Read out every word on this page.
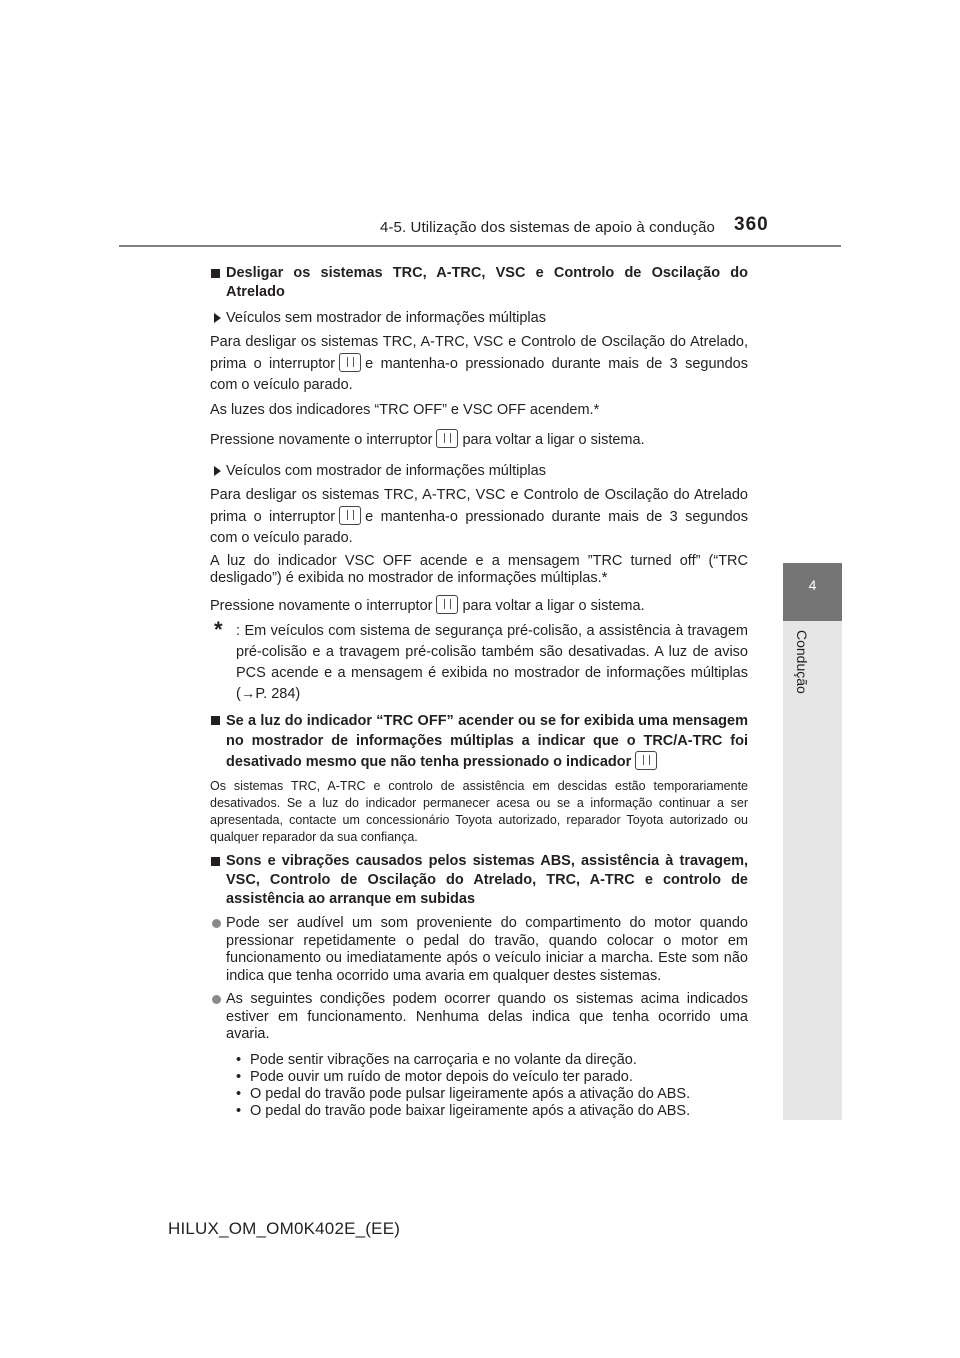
4-5. Utilização dos sistemas de apoio à condução 360
4
Condução
Desligar os sistemas TRC, A-TRC, VSC e Controlo de Oscilação do Atrelado
Veículos sem mostrador de informações múltiplas
Para desligar os sistemas TRC, A-TRC, VSC e Controlo de Oscilação do Atrelado, prima o interruptor e mantenha-o pressionado durante mais de 3 segundos com o veículo parado.
As luzes dos indicadores “TRC OFF” e VSC OFF acendem.*
Pressione novamente o interruptor para voltar a ligar o sistema.
Veículos com mostrador de informações múltiplas
Para desligar os sistemas TRC, A-TRC, VSC e Controlo de Oscilação do Atrelado prima o interruptor e mantenha-o pressionado durante mais de 3 segundos com o veículo parado.
A luz do indicador VSC OFF acende e a mensagem ”TRC turned off” (“TRC desligado”) é exibida no mostrador de informações múltiplas.*
Pressione novamente o interruptor para voltar a ligar o sistema.
* : Em veículos com sistema de segurança pré-colisão, a assistência à travagem pré-colisão e a travagem pré-colisão também são desativadas. A luz de aviso PCS acende e a mensagem é exibida no mostrador de informações múltiplas (→P. 284)
Se a luz do indicador “TRC OFF” acender ou se for exibida uma mensagem no mostrador de informações múltiplas a indicar que o TRC/A-TRC foi desativado mesmo que não tenha pressionado o indicador
Os sistemas TRC, A-TRC e controlo de assistência em descidas estão temporariamente desativados. Se a luz do indicador permanecer acesa ou se a informação continuar a ser apresentada, contacte um concessionário Toyota autorizado, reparador Toyota autorizado ou qualquer reparador da sua confiança.
Sons e vibrações causados pelos sistemas ABS, assistência à travagem, VSC, Controlo de Oscilação do Atrelado, TRC, A-TRC e controlo de assistência ao arranque em subidas
Pode ser audível um som proveniente do compartimento do motor quando pressionar repetidamente o pedal do travão, quando colocar o motor em funcionamento ou imediatamente após o veículo iniciar a marcha. Este som não indica que tenha ocorrido uma avaria em qualquer destes sistemas.
As seguintes condições podem ocorrer quando os sistemas acima indicados estiver em funcionamento. Nenhuma delas indica que tenha ocorrido uma avaria.
• Pode sentir vibrações na carroçaria e no volante da direção.
• Pode ouvir um ruído de motor depois do veículo ter parado.
• O pedal do travão pode pulsar ligeiramente após a ativação do ABS.
• O pedal do travão pode baixar ligeiramente após a ativação do ABS.
HILUX_OM_OM0K402E_(EE)
